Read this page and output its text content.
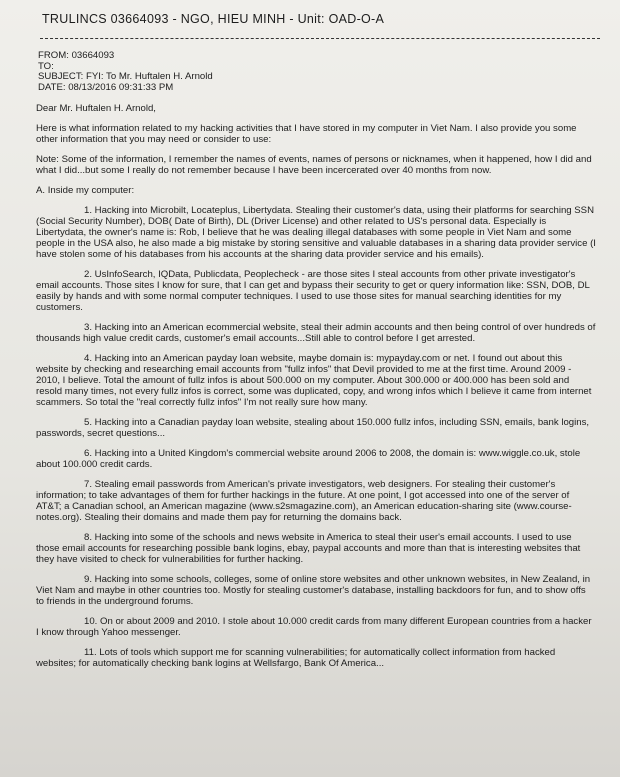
TRULINCS 03664093 - NGO, HIEU MINH - Unit: OAD-O-A
FROM: 03664093
TO:
SUBJECT: FYI: To Mr. Huftalen H. Arnold
DATE: 08/13/2016 09:31:33 PM

Dear Mr. Huftalen H. Arnold,

Here is what information related to my hacking activities that I have stored in my computer in Viet Nam. I also provide you some other information that you may need or consider to use:

Note: Some of the information, I remember the names of events, names of persons or nicknames, when it happened, how I did and what I did...but some I really do not remember because I have been incercerated over 40 months from now.

A. Inside my computer:

1. Hacking into Microbilt, Locateplus, Libertydata. Stealing their customer's data, using their platforms for searching SSN (Social Security Number), DOB( Date of Birth), DL (Driver License) and other related to US's personal data. Especially is Libertydata, the owner's name is: Rob, I believe that he was dealing illegal databases with some people in Viet Nam and some people in the USA also, he also made a big mistake by storing sensitive and valuable databases in a sharing data provider service (I have stolen some of his databases from his accounts at the sharing data provider service and his emails).

2. UsInfoSearch, IQData, Publicdata, Peoplecheck - are those sites I steal accounts from other private investigator's email accounts. Those sites I know for sure, that I can get and bypass their security to get or query information like: SSN, DOB, DL easily by hands and with some normal computer techniques. I used to use those sites for manual searching identities for my customers.

3. Hacking into an American ecommercial website, steal their admin accounts and then being control of over hundreds of thousands high value credit cards, customer's email accounts...Still able to control before I get arrested.

4. Hacking into an American payday loan website, maybe domain is: mypayday.com or net. I found out about this website by checking and researching email accounts from "fullz infos" that Devil provided to me at the first time. Around 2009 - 2010, I believe. Total the amount of fullz infos is about 500.000 on my computer. About 300.000 or 400.000 has been sold and resold many times, not every fullz infos is correct, some was duplicated, copy, and wrong infos which I believe it came from internet scammers. So total the "real correctly fullz infos" I'm not really sure how many.

5. Hacking into a Canadian payday loan website, stealing about 150.000 fullz infos, including SSN, emails, bank logins, passwords, secret questions...

6. Hacking into a United Kingdom's commercial website around 2006 to 2008, the domain is: www.wiggle.co.uk, stole about 100.000 credit cards.

7. Stealing email passwords from American's private investigators, web designers. For stealing their customer's information; to take advantages of them for further hackings in the future. At one point, I got accessed into one of the server of AT&T; a Canadian school, an American magazine (www.s2smagazine.com), an American education-sharing site (www.course-notes.org). Stealing their domains and made them pay for returning the domains back.

8. Hacking into some of the schools and news website in America to steal their user's email accounts. I used to use those email accounts for researching possible bank logins, ebay, paypal accounts and more than that is interesting websites that they have visited to check for vulnerabilities for further hacking.

9. Hacking into some schools, colleges, some of online store websites and other unknown websites, in New Zealand, in Viet Nam and maybe in other countries too. Mostly for stealing customer's database, installing backdoors for fun, and to show offs to friends in the underground forums.

10. On or about 2009 and 2010. I stole about 10.000 credit cards from many different European countries from a hacker I know through Yahoo messenger.

11. Lots of tools which support me for scanning vulnerabilities; for automatically collect information from hacked websites; for automatically checking bank logins at Wellsfargo, Bank Of America...
